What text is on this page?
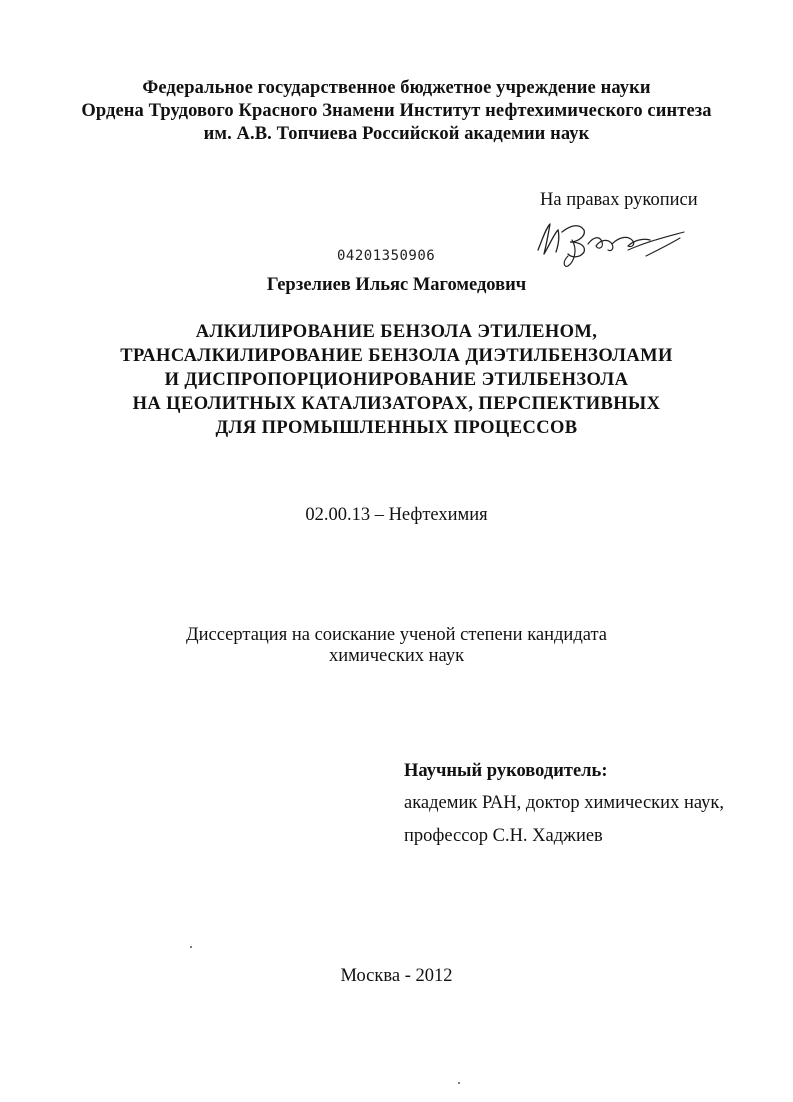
Федеральное государственное бюджетное учреждение науки
Ордена Трудового Красного Знамени Институт нефтехимического синтеза
им. А.В. Топчиева Российской академии наук
На правах рукописи
04201350906
Герзелиев Ильяс Магомедович
АЛКИЛИРОВАНИЕ БЕНЗОЛА ЭТИЛЕНОМ,
ТРАНСАЛКИЛИРОВАНИЕ БЕНЗОЛА ДИЭТИЛБЕНЗОЛАМИ
И ДИСПРОПОРЦИОНИРОВАНИЕ ЭТИЛБЕНЗОЛА
НА ЦЕОЛИТНЫХ КАТАЛИЗАТОРАХ, ПЕРСПЕКТИВНЫХ
ДЛЯ ПРОМЫШЛЕННЫХ ПРОЦЕССОВ
02.00.13 – Нефтехимия
Диссертация на соискание ученой степени кандидата
химических наук
Научный руководитель:
академик РАН, доктор химических наук,
профессор С.Н. Хаджиев
Москва - 2012
